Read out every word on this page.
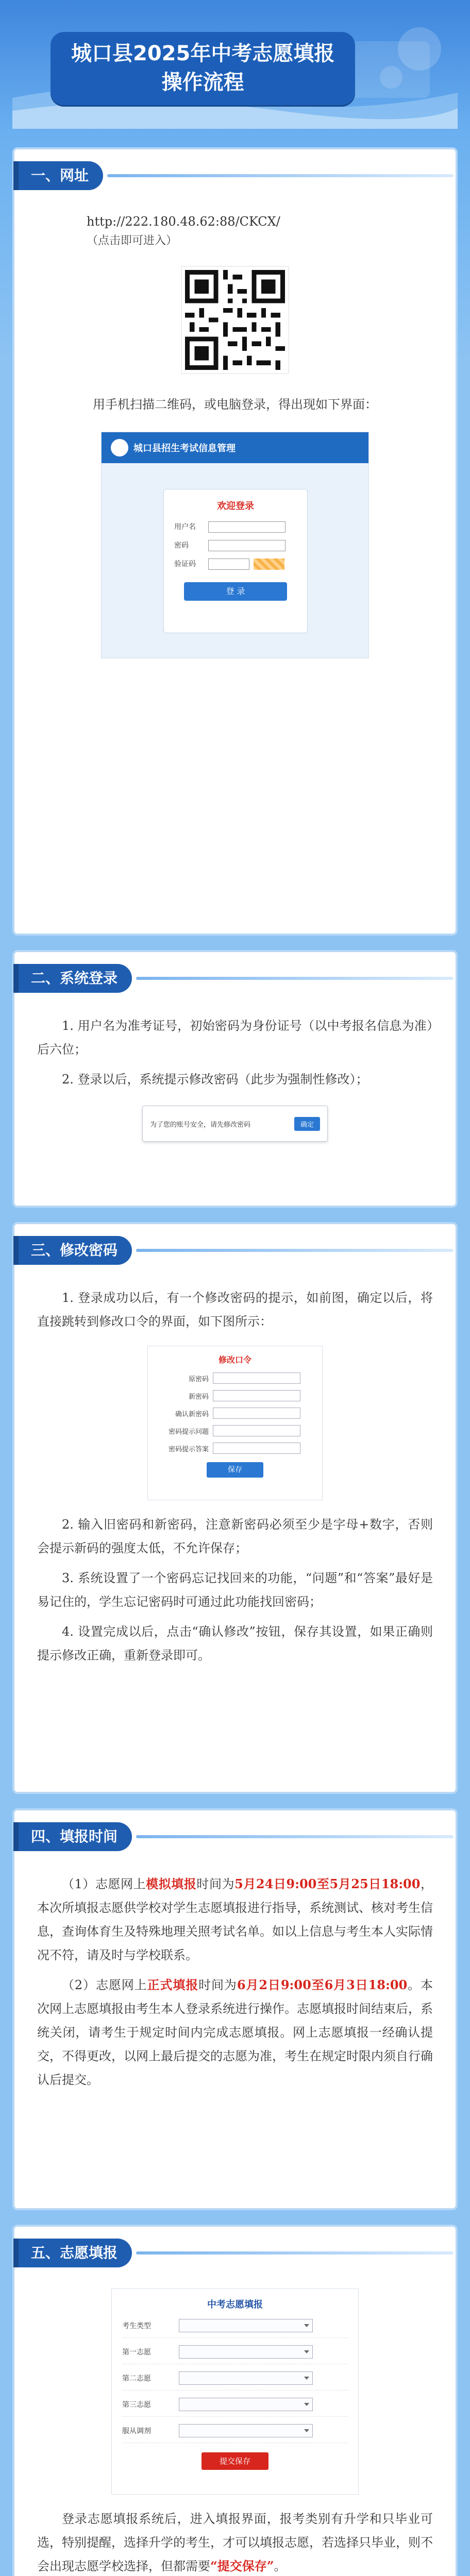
城口县2025年中考志愿填报
操作流程
一、网址
http://222.180.48.62:88/CKCX/
（点击即可进入）
用手机扫描二维码，或电脑登录，得出现如下界面：
城口县招生考试信息管理
欢迎登录
用户名
密码
验证码
登 录
二、系统登录
1. 用户名为准考证号，初始密码为身份证号（以中考报名信息为准）后六位；
2. 登录以后，系统提示修改密码（此步为强制性修改）；
为了您的账号安全，请先修改密码	确定
三、修改密码
1. 登录成功以后，有一个修改密码的提示，如前图，确定以后，将直接跳转到修改口令的界面，如下图所示：
修改口令
原密码
新密码
确认新密码
密码提示问题
密码提示答案
保存
2. 输入旧密码和新密码，注意新密码必须至少是字母+数字，否则会提示新码的强度太低，不允许保存；
3. 系统设置了一个密码忘记找回来的功能，“问题”和“答案”最好是易记住的，学生忘记密码时可通过此功能找回密码；
4. 设置完成以后，点击“确认修改”按钮，保存其设置，如果正确则提示修改正确，重新登录即可。
四、填报时间
（1）志愿网上模拟填报时间为5月24日9:00至5月25日18:00，本次所填报志愿供学校对学生志愿填报进行指导，系统测试、核对考生信息，查询体育生及特殊地理关照考试名单。如以上信息与考生本人实际情况不符，请及时与学校联系。
（2）志愿网上正式填报时间为6月2日9:00至6月3日18:00。本次网上志愿填报由考生本人登录系统进行操作。志愿填报时间结束后，系统关闭，请考生于规定时间内完成志愿填报。网上志愿填报一经确认提交，不得更改，以网上最后提交的志愿为准，考生在规定时限内须自行确认后提交。
五、志愿填报
中考志愿填报
考生类型
第一志愿
第二志愿
第三志愿
服从调剂
提交保存
登录志愿填报系统后，进入填报界面，报考类别有升学和只毕业可选，特别提醒，选择升学的考生，才可以填报志愿，若选择只毕业，则不会出现志愿学校选择，但都需要“提交保存”。
